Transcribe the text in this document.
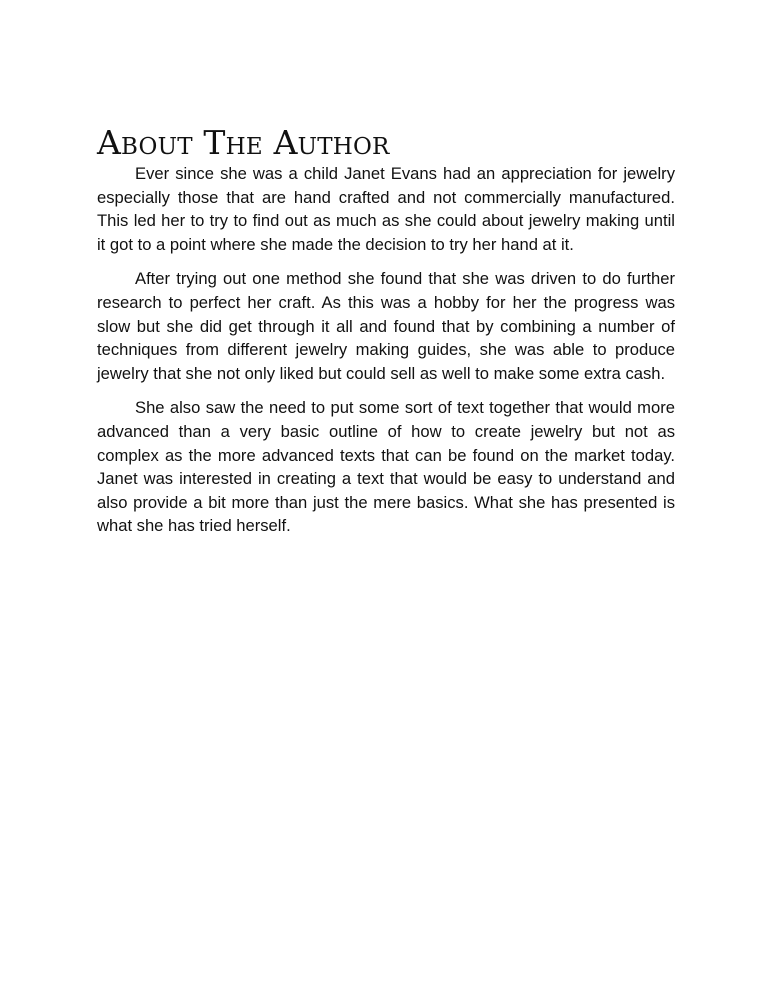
About The Author

Ever since she was a child Janet Evans had an appreciation for jewelry especially those that are hand crafted and not commercially manufactured. This led her to try to find out as much as she could about jewelry making until it got to a point where she made the decision to try her hand at it.

After trying out one method she found that she was driven to do further research to perfect her craft. As this was a hobby for her the progress was slow but she did get through it all and found that by combining a number of techniques from different jewelry making guides, she was able to produce jewelry that she not only liked but could sell as well to make some extra cash.

She also saw the need to put some sort of text together that would more advanced than a very basic outline of how to create jewelry but not as complex as the more advanced texts that can be found on the market today. Janet was interested in creating a text that would be easy to understand and also provide a bit more than just the mere basics. What she has presented is what she has tried herself.
